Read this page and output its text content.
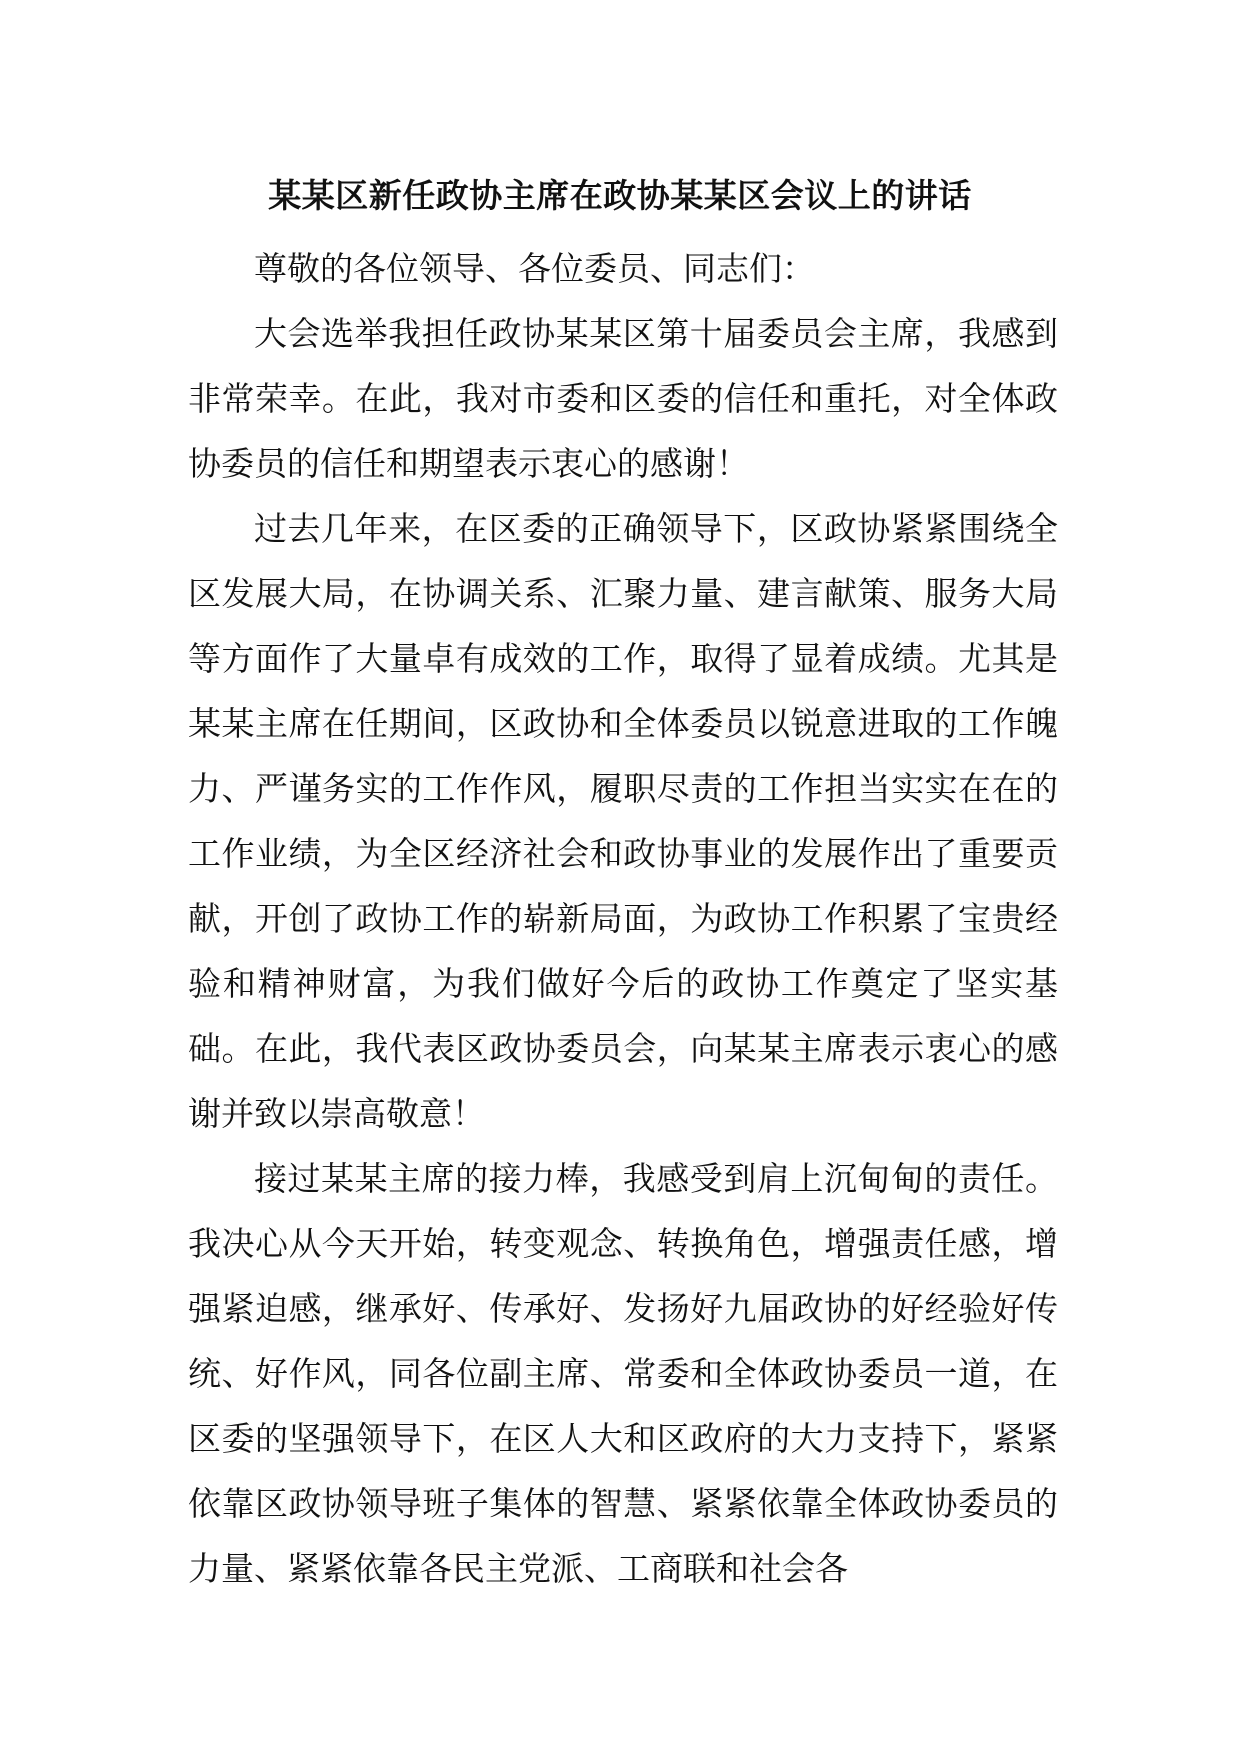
某某区新任政协主席在政协某某区会议上的讲话

尊敬的各位领导、各位委员、同志们：

大会选举我担任政协某某区第十届委员会主席，我感到非常荣幸。在此，我对市委和区委的信任和重托，对全体政协委员的信任和期望表示衷心的感谢！

过去几年来，在区委的正确领导下，区政协紧紧围绕全区发展大局，在协调关系、汇聚力量、建言献策、服务大局等方面作了大量卓有成效的工作，取得了显着成绩。尤其是某某主席在任期间，区政协和全体委员以锐意进取的工作魄力、严谨务实的工作作风，履职尽责的工作担当实实在在的工作业绩，为全区经济社会和政协事业的发展作出了重要贡献，开创了政协工作的崭新局面，为政协工作积累了宝贵经验和精神财富，为我们做好今后的政协工作奠定了坚实基础。在此，我代表区政协委员会，向某某主席表示衷心的感谢并致以崇高敬意！

接过某某主席的接力棒，我感受到肩上沉甸甸的责任。我决心从今天开始，转变观念、转换角色，增强责任感，增强紧迫感，继承好、传承好、发扬好九届政协的好经验好传统、好作风，同各位副主席、常委和全体政协委员一道，在区委的坚强领导下，在区人大和区政府的大力支持下，紧紧依靠区政协领导班子集体的智慧、紧紧依靠全体政协委员的力量、紧紧依靠各民主党派、工商联和社会各
